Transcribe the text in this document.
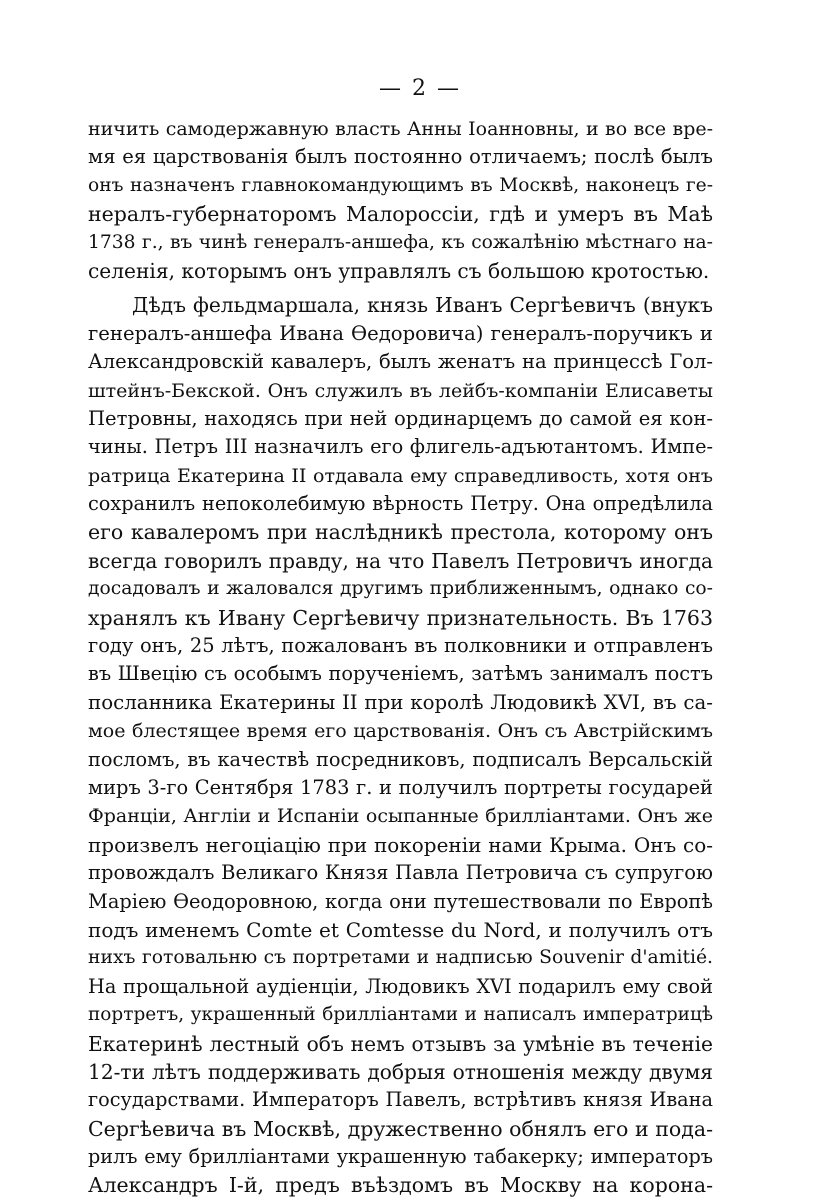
— 2 —
ничить самодержавную власть Анны Іоанновны, и во все вре-
мя ея царствованія былъ постоянно отличаемъ; послѣ былъ
онъ назначенъ главнокомандующимъ въ Москвѣ, наконецъ ге-
нералъ-губернаторомъ Малороссіи, гдѣ и умеръ въ Маѣ
1738 г., въ чинѣ генералъ-аншефа, къ сожалѣнію мѣстнаго на-
селенія, которымъ онъ управлялъ съ большою кротостью.
Дѣдъ фельдмаршала, князь Иванъ Сергѣевичъ (внукъ
генералъ-аншефа Ивана Ѳедоровича) генералъ-поручикъ и
Александровскій кавалеръ, былъ женатъ на принцессѣ Гол-
штейнъ-Бекской. Онъ служилъ въ лейбъ-компаніи Елисаветы
Петровны, находясь при ней ординарцемъ до самой ея кон-
чины. Петръ III назначилъ его флигель-адъютантомъ. Импе-
ратрица Екатерина II отдавала ему справедливость, хотя онъ
сохранилъ непоколебимую вѣрность Петру. Она опредѣлила
его кавалеромъ при наслѣдникѣ престола, которому онъ
всегда говорилъ правду, на что Павелъ Петровичъ иногда
досадовалъ и жаловался другимъ приближеннымъ, однако со-
хранялъ къ Ивану Сергѣевичу признательность. Въ 1763
году онъ, 25 лѣтъ, пожалованъ въ полковники и отправленъ
въ Швецію съ особымъ порученіемъ, затѣмъ занималъ постъ
посланника Екатерины II при королѣ Людовикѣ XVI, въ са-
мое блестящее время его царствованія. Онъ съ Австрійскимъ
посломъ, въ качествѣ посредниковъ, подписалъ Версальскій
миръ 3-го Сентября 1783 г. и получилъ портреты государей
Франціи, Англіи и Испаніи осыпанные бриллiантами. Онъ же
произвелъ негоціацію при покореніи нами Крыма. Онъ со-
провождалъ Великаго Князя Павла Петровича съ супругою
Маріею Ѳеодоровною, когда они путешествовали по Европѣ
подъ именемъ Comte et Comtesse du Nord, и получилъ отъ
нихъ готовальню съ портретами и надписью Souvenir d'amitié.
На прощальной аудіенціи, Людовикъ XVI подарилъ ему свой
портретъ, украшенный бриллiантами и написалъ императрицѣ
Екатеринѣ лестный объ немъ отзывъ за умѣніе въ теченіе
12-ти лѣтъ поддерживать добрыя отношенія между двумя
государствами. Императоръ Павелъ, встрѣтивъ князя Ивана
Сергѣевича въ Москвѣ, дружественно обнялъ его и пода-
рилъ ему бриллiантами украшенную табакерку; императоръ
Александръ I-й, предъ въѣздомъ въ Москву на корона-
